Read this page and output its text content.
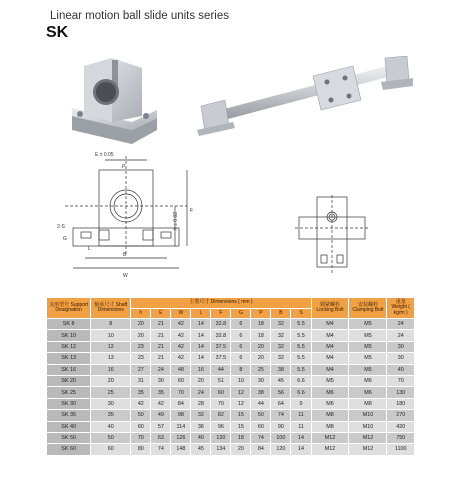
Linear motion ball slide units series
SK
E ± 0.05
P
2-S
G
L
B
W
h ± 0.02
F
支座型号 Support Designation	轴承尺寸 Shaft Dimensions	主要尺寸 Dimensions ( mm )									锁紧螺栓 Locking Bolt	安装螺栓 Clamping Bolt	重量 Weight ( kg/m )
		h	E	W	L	F	G	P	B	S			
SK 8	8	20	21	42	14	32.8	6	18	32	5.5	M4	M5	24
SK 10	10	20	21	42	14	32.8	6	18	32	5.5	M4	M5	24
SK 12	12	23	21	42	14	37.5	6	20	32	5.5	M4	M5	30
SK 13	13	23	21	42	14	37.5	6	20	32	5.5	M4	M5	30
SK 16	16	27	24	48	16	44	8	25	38	5.5	M4	M5	40
SK 20	20	31	30	60	20	51	10	30	45	6.6	M5	M6	70
SK 25	25	35	35	70	24	60	12	38	56	6.6	M6	M6	130
SK 30	30	42	42	84	28	70	12	44	64	9	M6	M8	180
SK 35	35	50	49	98	32	82	15	50	74	11	M8	M10	270
SK 40	40	60	57	114	36	96	15	60	90	11	M8	M10	420
SK 50	50	70	63	126	40	120	18	74	100	14	M12	M12	750
SK 60	60	80	74	148	45	134	20	84	120	14	M12	M12	1100
